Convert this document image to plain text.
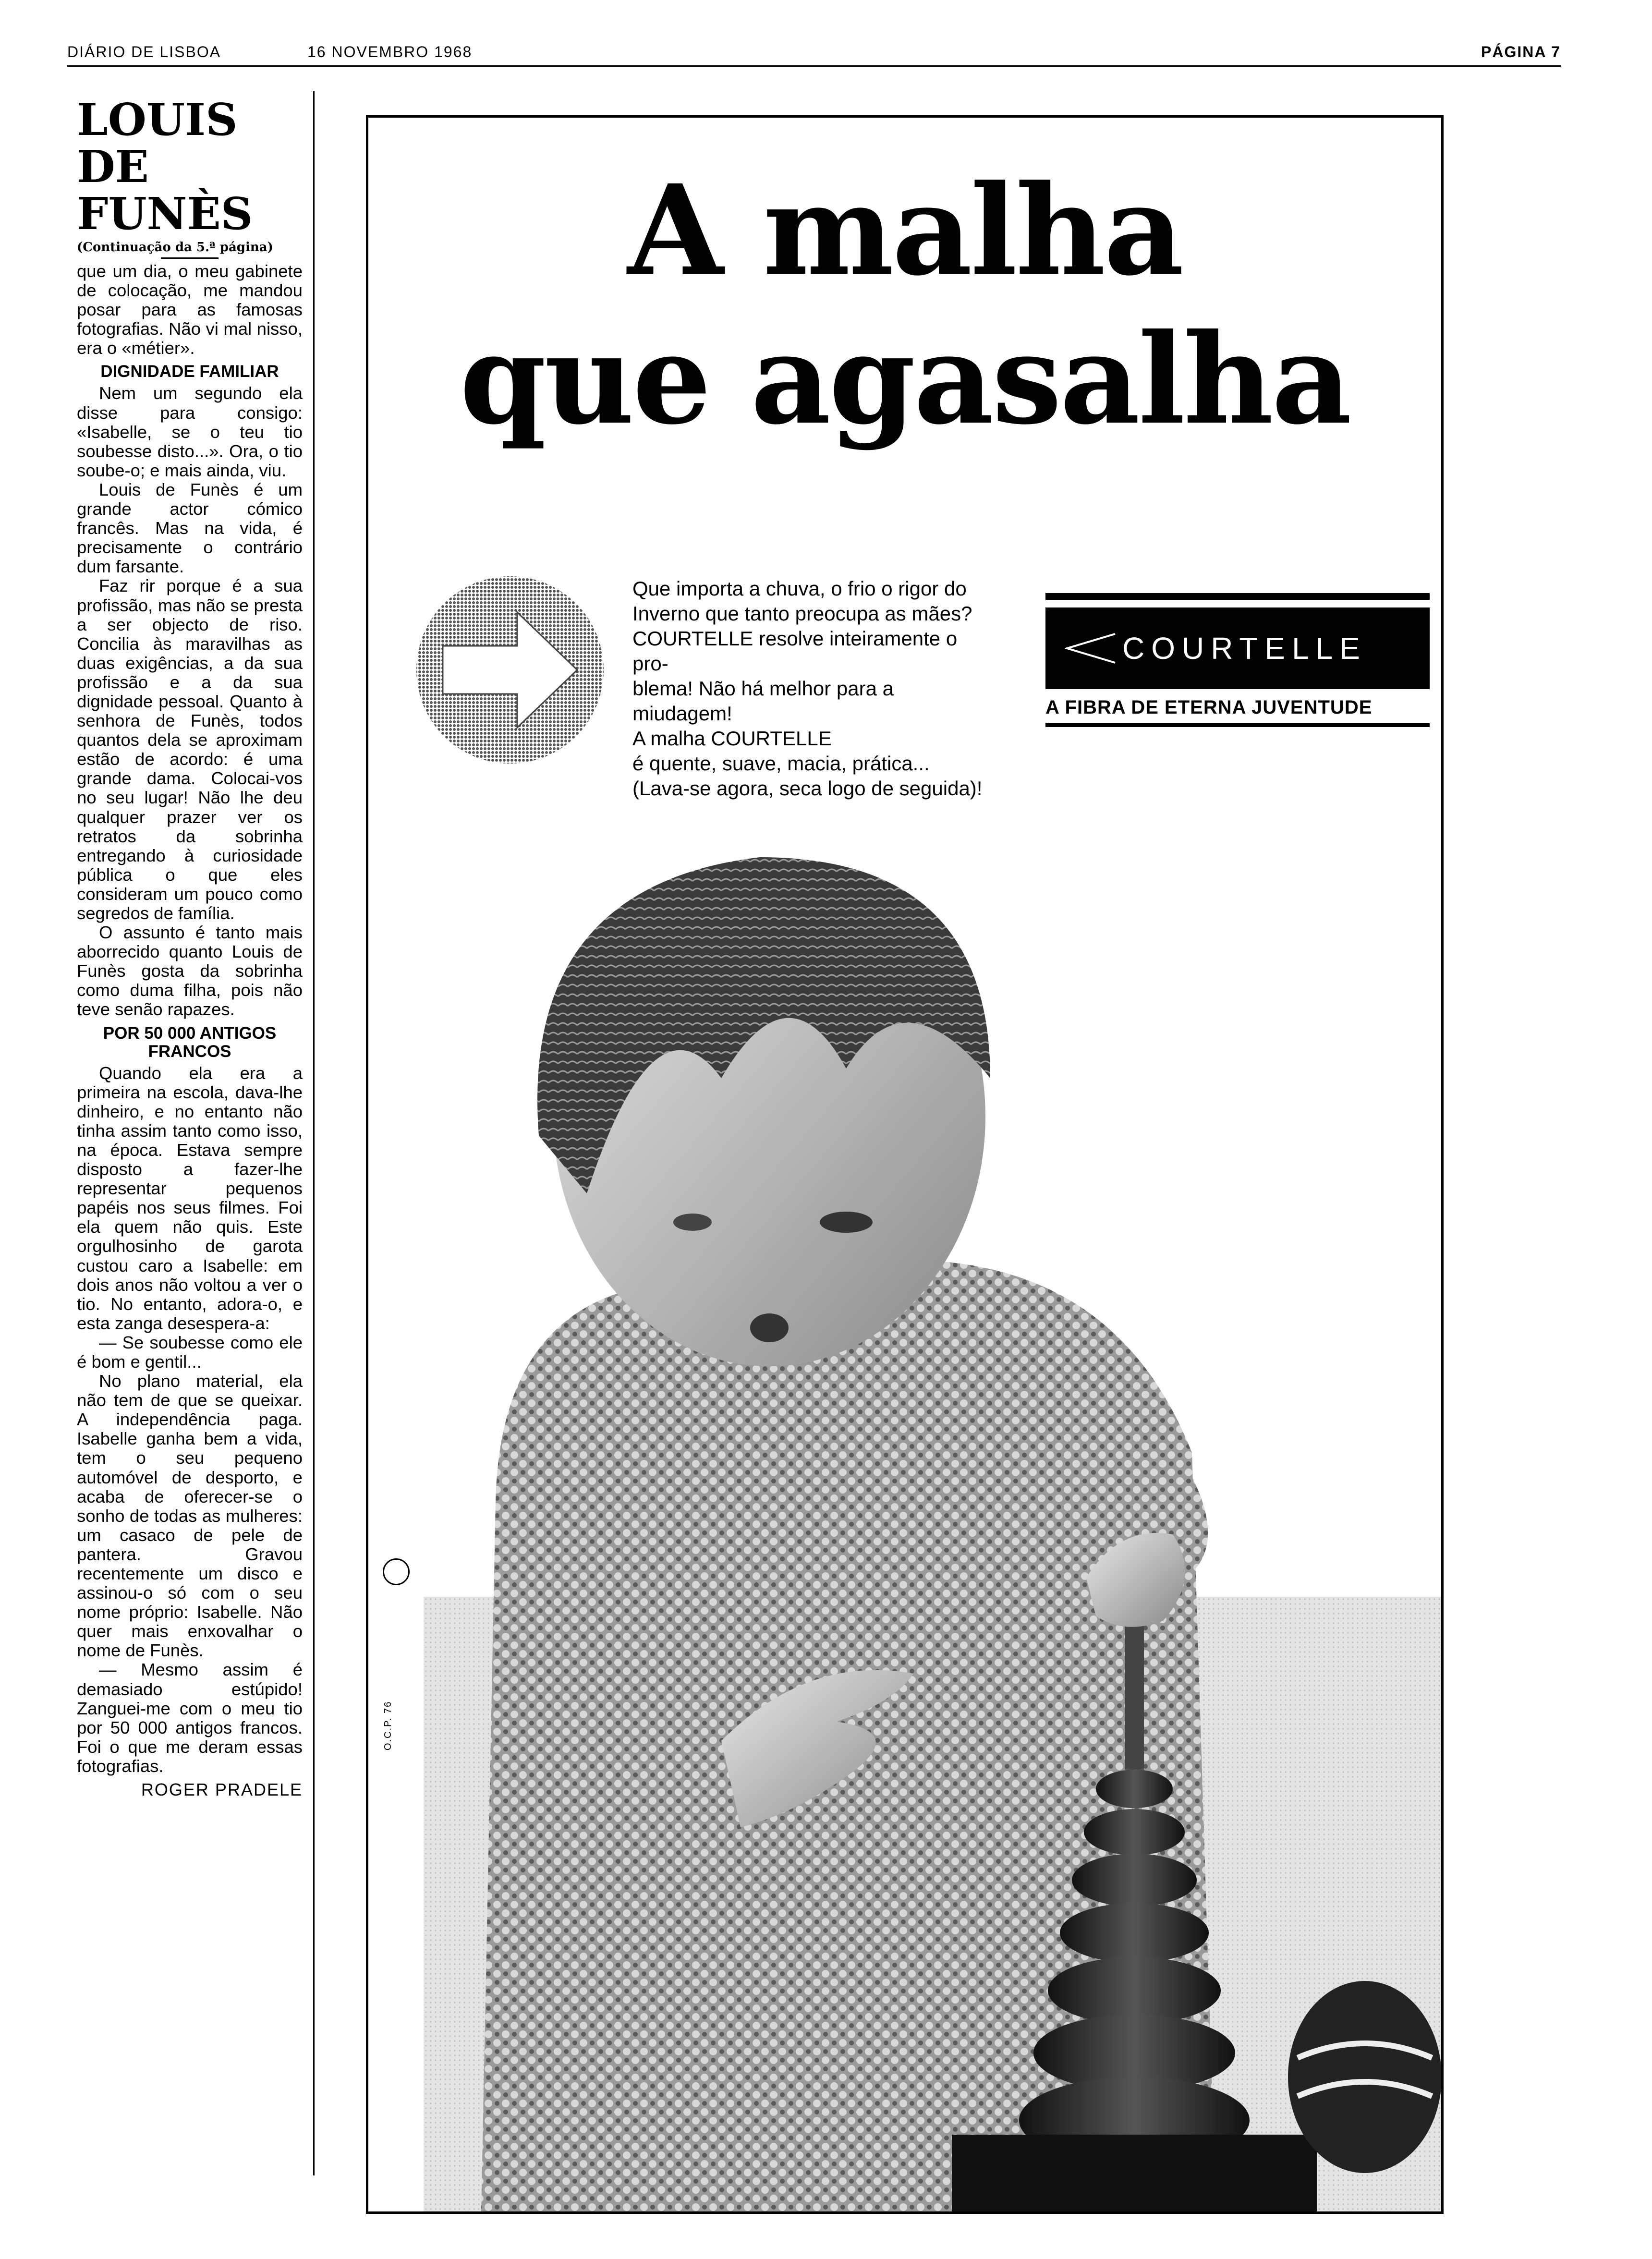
DIÁRIO DE LISBOA	16 NOVEMBRO 1968	PÁGINA 7
LOUIS
DE FUNÈS
(Continuação da 5.ª página)

que um dia, o meu gabinete de colocação, me mandou posar para as famosas fotografias. Não vi mal nisso, era o «métier».

DIGNIDADE FAMILIAR

Nem um segundo ela disse para consigo: «Isabelle, se o teu tio soubesse disto...». Ora, o tio soube-o; e mais ainda, viu.

Louis de Funès é um grande actor cómico francês. Mas na vida, é precisamente o contrário dum farsante.

Faz rir porque é a sua profissão, mas não se presta a ser objecto de riso. Concilia às maravilhas as duas exigências, a da sua profissão e a da sua dignidade pessoal. Quanto à senhora de Funès, todos quantos dela se aproximam estão de acordo: é uma grande dama. Colocai-vos no seu lugar! Não lhe deu qualquer prazer ver os retratos da sobrinha entregando à curiosidade pública o que eles consideram um pouco como segredos de família.

O assunto é tanto mais aborrecido quanto Louis de Funès gosta da sobrinha como duma filha, pois não teve senão rapazes.

POR 50 000 ANTIGOS FRANCOS

Quando ela era a primeira na escola, dava-lhe dinheiro, e no entanto não tinha assim tanto como isso, na época. Estava sempre disposto a fazer-lhe representar pequenos papéis nos seus filmes. Foi ela quem não quis. Este orgulhosinho de garota custou caro a Isabelle: em dois anos não voltou a ver o tio. No entanto, adora-o, e esta zanga desespera-a:

— Se soubesse como ele é bom e gentil...

No plano material, ela não tem de que se queixar. A independência paga. Isabelle ganha bem a vida, tem o seu pequeno automóvel de desporto, e acaba de oferecer-se o sonho de todas as mulheres: um casaco de pele de pantera. Gravou recentemente um disco e assinou-o só com o seu nome próprio: Isabelle. Não quer mais enxovalhar o nome de Funès.

— Mesmo assim é demasiado estúpido! Zanguei-me com o meu tio por 50 000 antigos francos. Foi o que me deram essas fotografias.

ROGER PRADELE
A malha
que agasalha
Que importa a chuva, o frio o rigor do
Inverno que tanto preocupa as mães?
COURTELLE resolve inteiramente o pro-
blema! Não há melhor para a miudagem!
A malha COURTELLE
é quente, suave, macia, prática...
(Lava-se agora, seca logo de seguida)!
COURTELLE
A FIBRA DE ETERNA JUVENTUDE
O.C.P. 76
